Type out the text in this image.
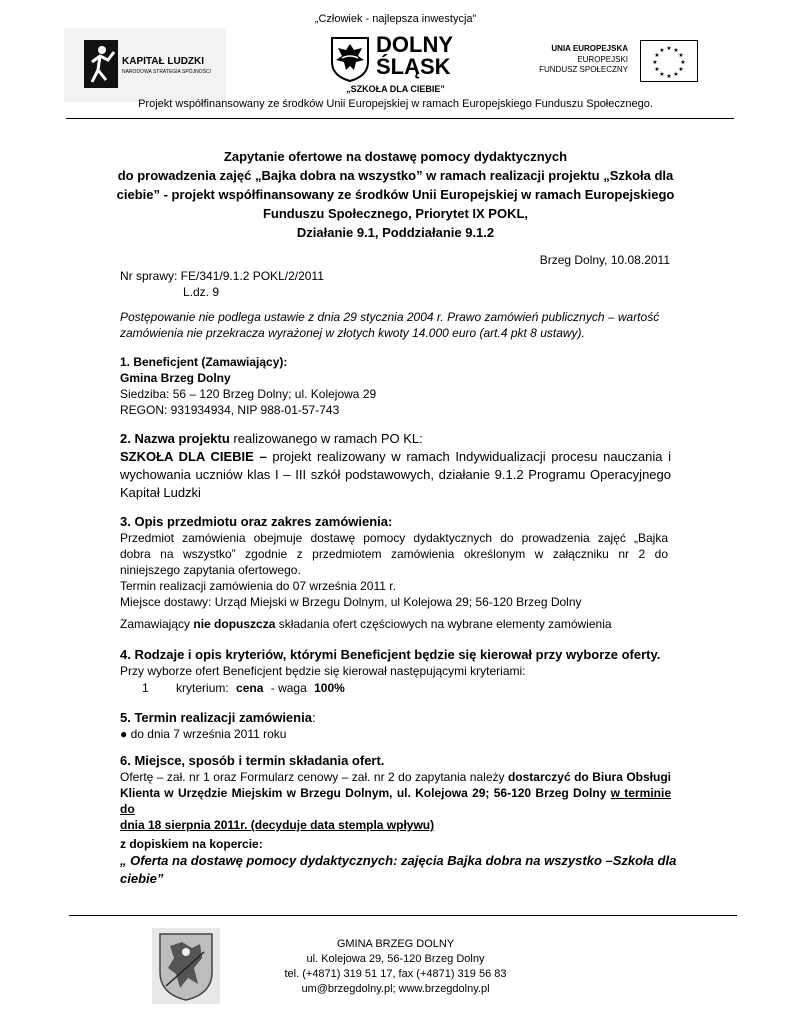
„Człowiek - najlepsza inwestycja”
KAPITAŁ LUDZKI
NARODOWA STRATEGIA SPÓJNOŚCI
DOLNY
ŚLĄSK
UNIA EUROPEJSKA
EUROPEJSKI
FUNDUSZ SPOŁECZNY
★ ★
★
★
★
★
★
★
★
★
★
★
„SZKOŁA DLA CIEBIE”
Projekt współfinansowany ze środków Unii Europejskiej w ramach Europejskiego Funduszu Społecznego.
Zapytanie ofertowe na dostawę pomocy dydaktycznych
do prowadzenia zajęć „Bajka dobra na wszystko” w ramach realizacji projektu „Szkoła dla
ciebie” - projekt współfinansowany ze środków Unii Europejskiej w ramach Europejskiego
Funduszu Społecznego, Priorytet IX POKL,
Działanie 9.1, Poddziałanie 9.1.2
Brzeg Dolny, 10.08.2011
Nr sprawy: FE/341/9.1.2 POKL/2/2011
L.dz. 9
Postępowanie nie podlega ustawie z dnia 29 stycznia 2004 r. Prawo zamówień publicznych – wartość
zamówienia nie przekracza wyrażonej w złotych kwoty 14.000 euro (art.4 pkt 8 ustawy).
1. Beneficjent (Zamawiający):
Gmina Brzeg Dolny
Siedziba: 56 – 120 Brzeg Dolny; ul. Kolejowa 29
REGON: 931934934, NIP 988-01-57-743
2. Nazwa projektu realizowanego w ramach PO KL:
SZKOŁA DLA CIEBIE – projekt realizowany w ramach Indywidualizacji procesu nauczania i
wychowania uczniów klas I – III szkół podstawowych, działanie 9.1.2 Programu Operacyjnego
Kapitał Ludzki
3. Opis przedmiotu oraz zakres zamówienia:
Przedmiot zamówienia obejmuje dostawę pomocy dydaktycznych do prowadzenia zajęć „Bajka
dobra na wszystko” zgodnie z przedmiotem zamówienia określonym w załączniku nr 2 do
niniejszego zapytania ofertowego.
Termin realizacji zamówienia do 07 września 2011 r.
Miejsce dostawy: Urząd Miejski w Brzegu Dolnym, ul Kolejowa 29; 56-120 Brzeg Dolny
Zamawiający nie dopuszcza składania ofert częściowych na wybrane elementy zamówienia
4. Rodzaje i opis kryteriów, którymi Beneficjent będzie się kierował przy wyborze oferty.
Przy wyborze ofert Beneficjent będzie się kierował następującymi kryteriami:
1 kryterium: cena - waga 100%
5. Termin realizacji zamówienia:
● do dnia 7 września 2011 roku
6. Miejsce, sposób i termin składania ofert.
Ofertę – zał. nr 1 oraz Formularz cenowy – zał. nr 2 do zapytania należy dostarczyć do Biura Obsługi
Klienta w Urzędzie Miejskim w Brzegu Dolnym, ul. Kolejowa 29; 56-120 Brzeg Dolny w terminie do
dnia 18 sierpnia 2011r. (decyduje data stempla wpływu)
z dopiskiem na kopercie:
„ Oferta na dostawę pomocy dydaktycznych: zajęcia Bajka dobra na wszystko –Szkoła dla
ciebie”
GMINA BRZEG DOLNY
ul. Kolejowa 29, 56-120 Brzeg Dolny
tel. (+4871) 319 51 17, fax (+4871) 319 56 83
um@brzegdolny.pl; www.brzegdolny.pl
